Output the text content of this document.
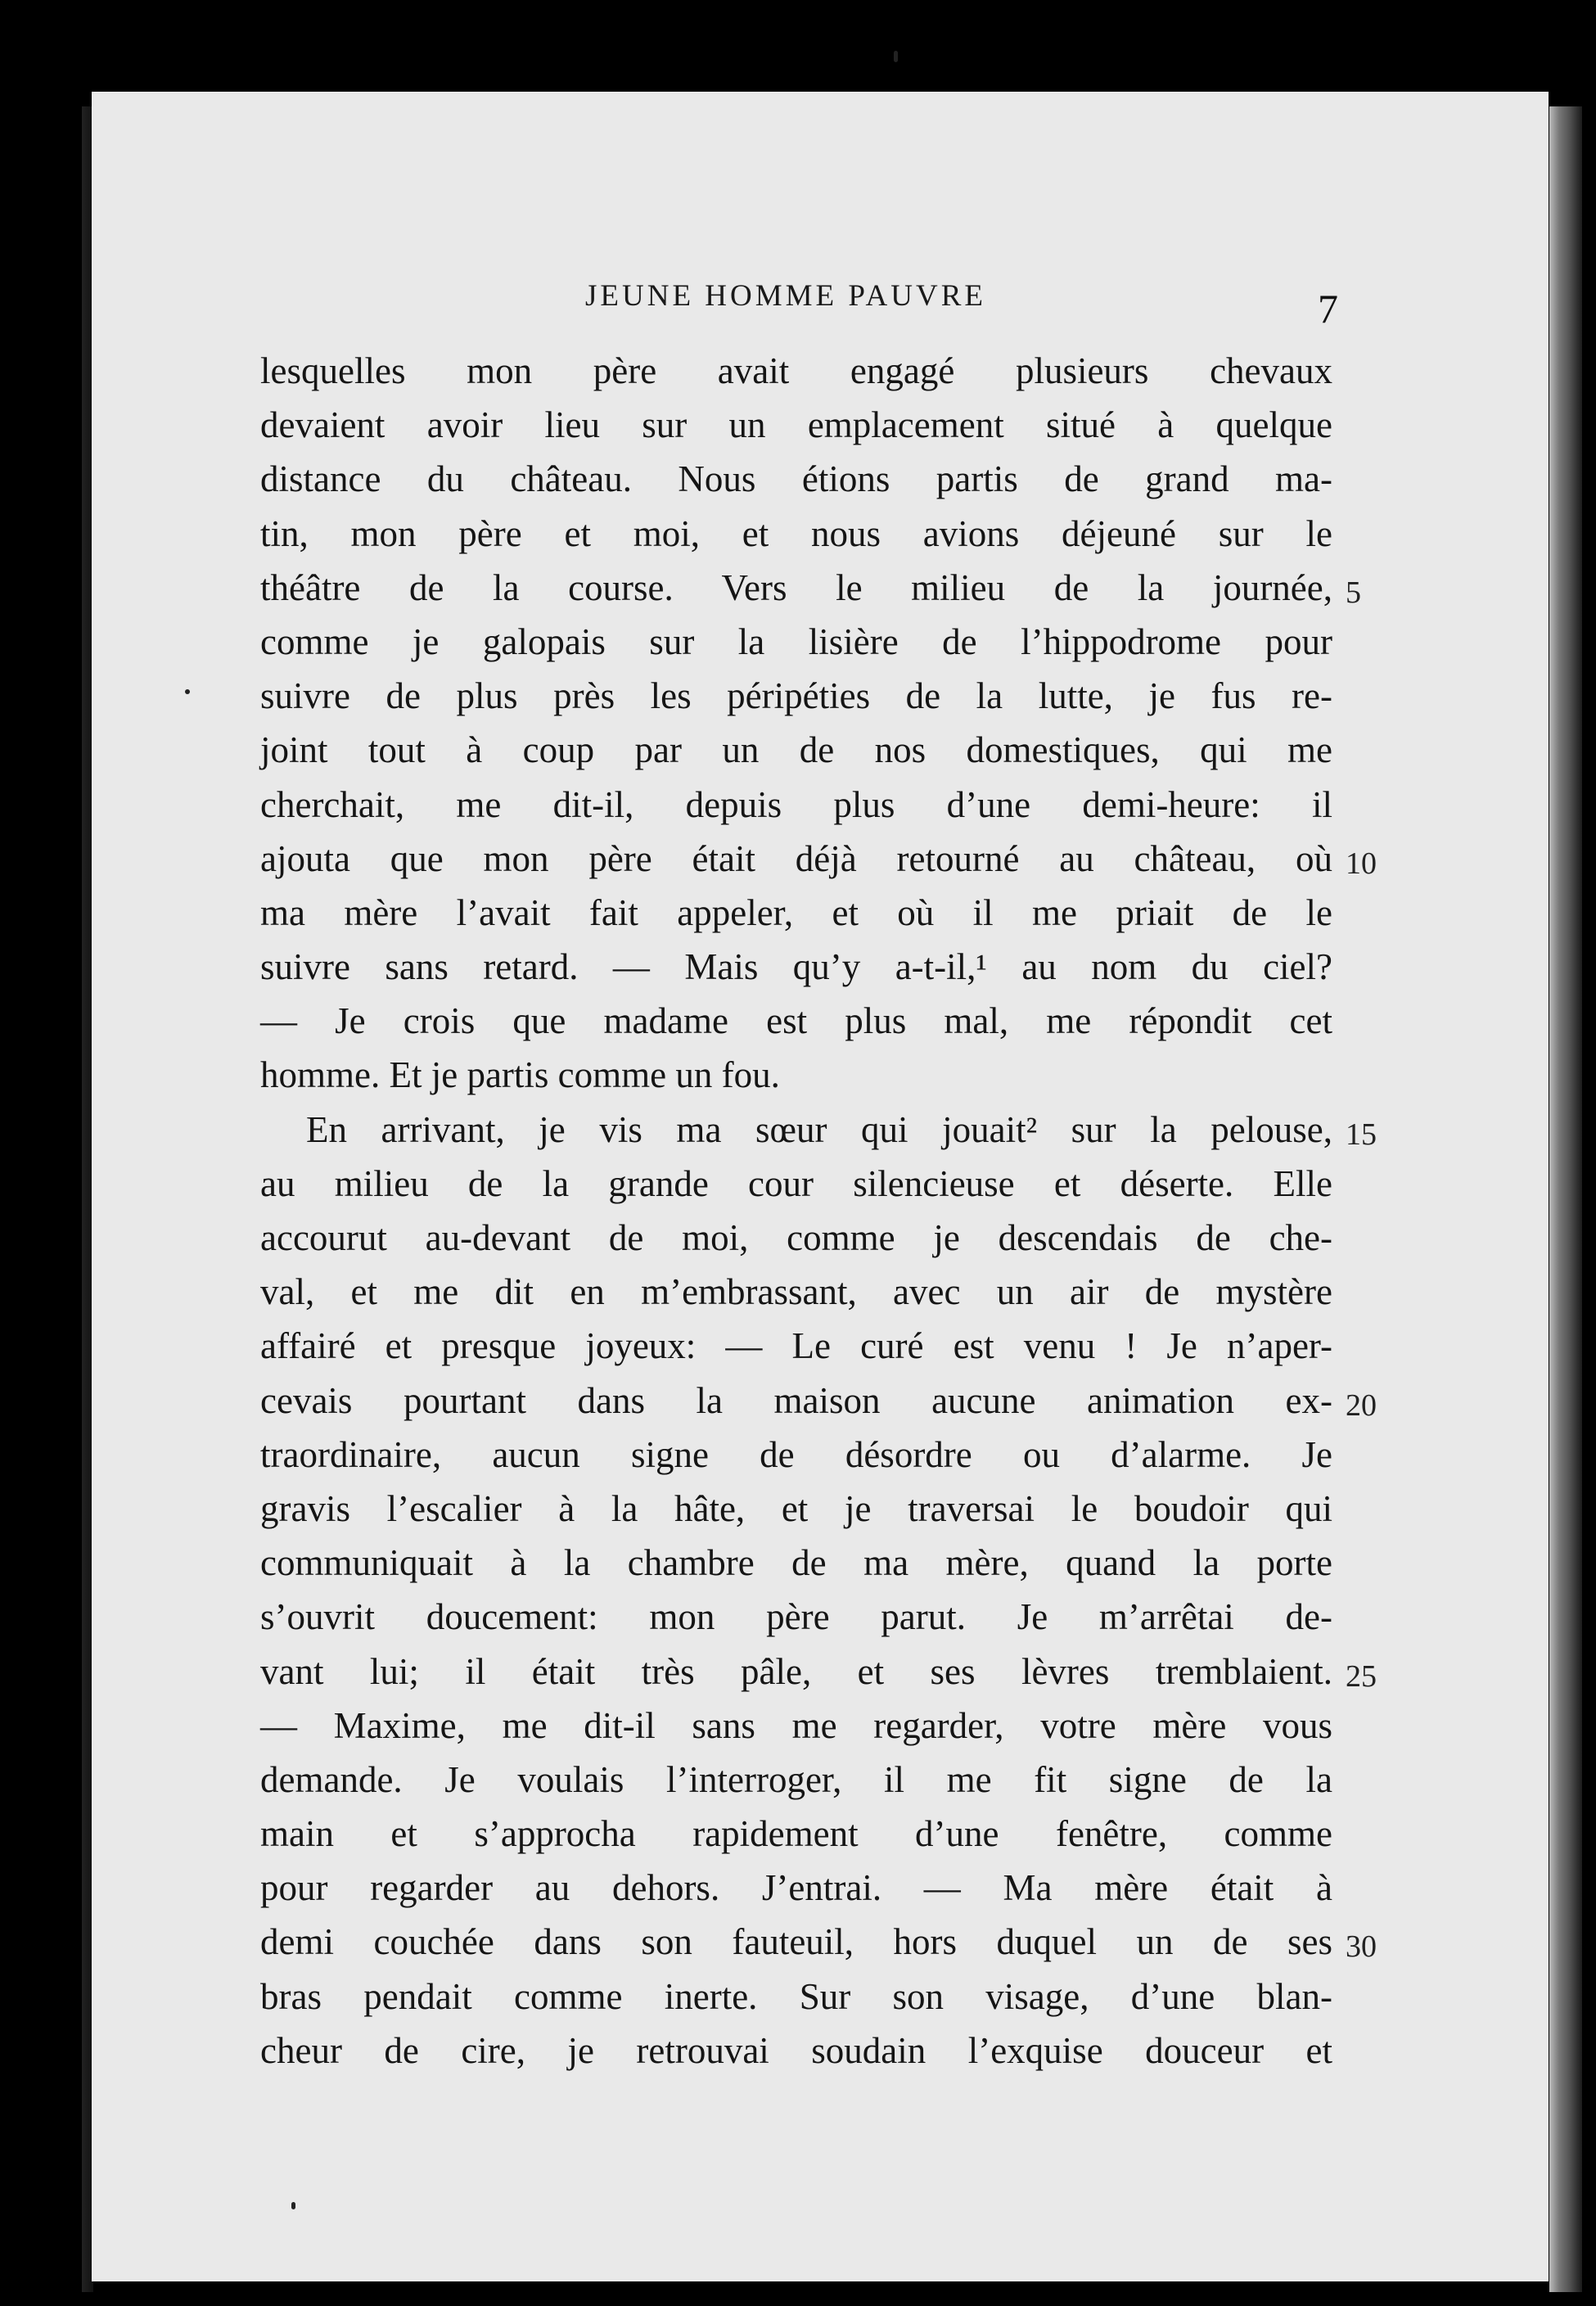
JEUNE HOMME PAUVRE	7
lesquelles mon père avait engagé plusieurs chevaux
devaient avoir lieu sur un emplacement situé à quelque
distance du château. Nous étions partis de grand ma-
tin, mon père et moi, et nous avions déjeuné sur le
théâtre de la course. Vers le milieu de la journée, 5
comme je galopais sur la lisière de l’hippodrome pour
suivre de plus près les péripéties de la lutte, je fus re-
joint tout à coup par un de nos domestiques, qui me
cherchait, me dit-il, depuis plus d’une demi-heure: il
ajouta que mon père était déjà retourné au château, où 10
ma mère l’avait fait appeler, et où il me priait de le
suivre sans retard. — Mais qu’y a-t-il,¹ au nom du ciel?
— Je crois que madame est plus mal, me répondit cet
homme. Et je partis comme un fou.
En arrivant, je vis ma sœur qui jouait² sur la pelouse, 15
au milieu de la grande cour silencieuse et déserte. Elle
accourut au-devant de moi, comme je descendais de che-
val, et me dit en m’embrassant, avec un air de mystère
affairé et presque joyeux: — Le curé est venu ! Je n’aper-
cevais pourtant dans la maison aucune animation ex- 20
traordinaire, aucun signe de désordre ou d’alarme. Je
gravis l’escalier à la hâte, et je traversai le boudoir qui
communiquait à la chambre de ma mère, quand la porte
s’ouvrit doucement: mon père parut. Je m’arrêtai de-
vant lui; il était très pâle, et ses lèvres tremblaient. 25
— Maxime, me dit-il sans me regarder, votre mère vous
demande. Je voulais l’interroger, il me fit signe de la
main et s’approcha rapidement d’une fenêtre, comme
pour regarder au dehors. J’entrai. — Ma mère était à
demi couchée dans son fauteuil, hors duquel un de ses 30
bras pendait comme inerte. Sur son visage, d’une blan-
cheur de cire, je retrouvai soudain l’exquise douceur et
